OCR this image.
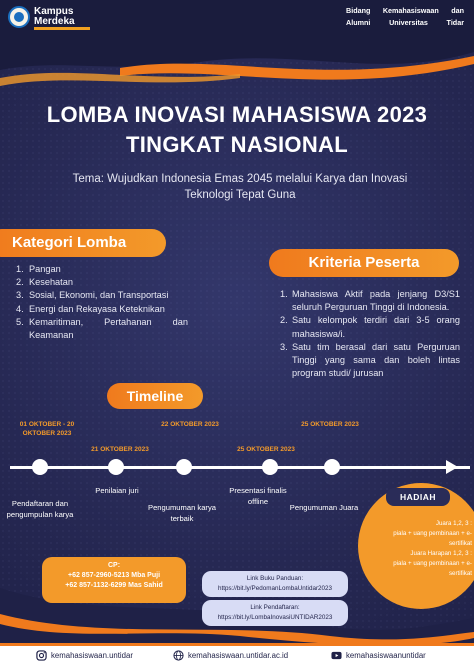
Kampus Merdeka
Bidang Kemahasiswaan dan
Alumni Universitas Tidar
LOMBA INOVASI MAHASISWA 2023
TINGKAT NASIONAL
Tema: Wujudkan Indonesia Emas 2045 melalui Karya dan Inovasi
Teknologi Tepat Guna
Kategori Lomba
1. Pangan
2. Kesehatan
3. Sosial, Ekonomi, dan Transportasi
4. Energi dan Rekayasa Keteknikan
5. Kemaritiman, Pertahanan dan Keamanan
Kriteria Peserta
1. Mahasiswa Aktif pada jenjang D3/S1 seluruh Perguruan Tinggi di Indonesia.
2. Satu kelompok terdiri dari 3-5 orang mahasiswa/i.
3. Satu tim berasal dari satu Perguruan Tinggi yang sama dan boleh lintas program studi/ jurusan
Timeline
01 OKTOBER - 20 OKTOBER 2023
21 OKTOBER 2023
22 OKTOBER 2023
25 OKTOBER 2023
25 OKTOBER 2023
Pendaftaran dan pengumpulan karya
Penilaian juri
Pengumuman karya terbaik
Presentasi finalis offline
Pengumuman Juara
CP:
+62 857-2960-5213 Mba Puji
+62 857-1132-6299 Mas Sahid
Link Buku Panduan:
https://bit.ly/PedomanLombaUntidar2023
Link Pendaftaran:
https://bit.ly/LombaInovasiUNTIDAR2023
HADIAH
Juara 1,2, 3 :
piala + uang pembinaan + e-
sertifikat
Juara Harapan 1,2, 3 :
piala + uang pembinaan + e-
sertifikat
kemahasiswaan.untidar	kemahasiswaan.untidar.ac.id	kemahasiswaanuntidar
